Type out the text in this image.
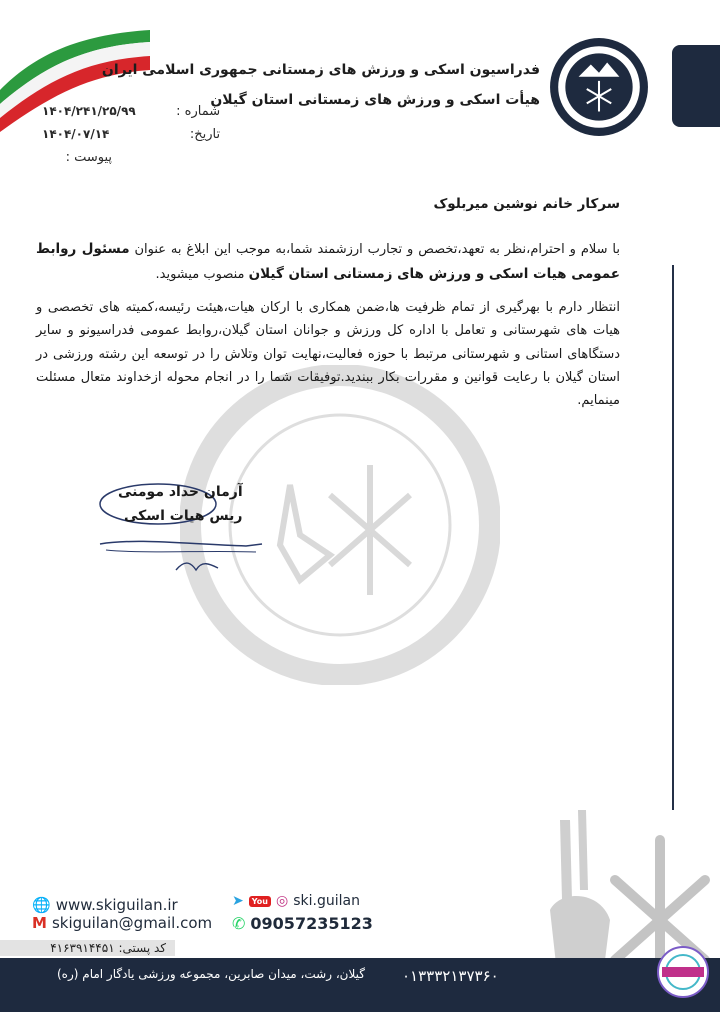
فدراسیون اسکی و ورزش های زمستانی جمهوری اسلامی ایران
هیأت اسکی و ورزش های زمستانی استان گیلان
شماره : ۱۴۰۴/۲۴۱/۲۵/۹۹
تاریخ: ۱۴۰۴/۰۷/۱۴
پیوست :
سرکار خانم نوشین میربلوک
با سلام و احترام،نظر به تعهد،تخصص و تجارب ارزشمند شما،به موجب این ابلاغ به عنوان مسئول روابط عمومی هیات اسکی و ورزش های زمستانی استان گیلان منصوب میشوید.
انتظار دارم با بهرگیری از تمام ظرفیت ها،ضمن همکاری با ارکان هیات،هیئت رئیسه،کمیته های تخصصی و هیات های شهرستانی و تعامل با اداره کل ورزش و جوانان استان گیلان،روابط عمومی فدراسیونو و سایر دستگاهای استانی و شهرستانی مرتبط با حوزه فعالیت،نهایت توان وتلاش را در توسعه این رشته ورزشی در استان گیلان با رعایت قوانین و مقررات بکار ببندید.توفیقات شما را در انجام محوله ازخداوند متعال مسئلت مینمایم.
آرمان حداد مومنی
ریس هیات اسکی
🌐 www.skiguilan.ir
M skiguilan@gmail.com
➤	You ◎ ski.guilan
✆ 09057235123
کد پستی: ۴۱۶۳۹۱۴۴۵۱
۰۱۳۳۳۲۱۳۷۳۶۰
گیلان، رشت، میدان صابرین، مجموعه ورزشی یادگار امام (ره)
